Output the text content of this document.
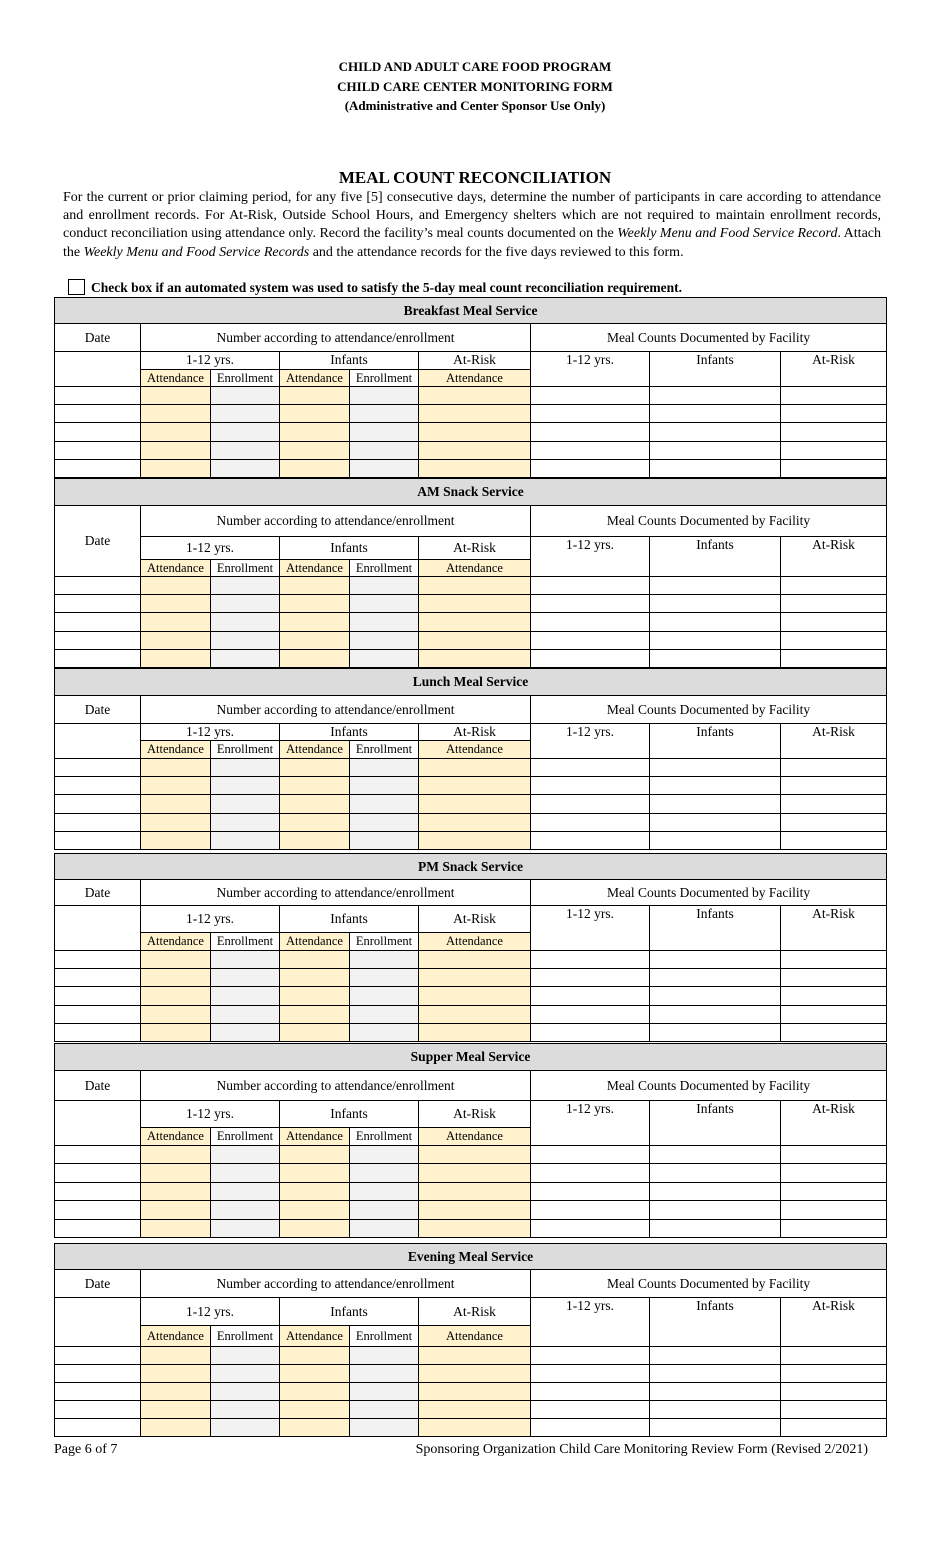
CHILD AND ADULT CARE FOOD PROGRAM
CHILD CARE CENTER MONITORING FORM
(Administrative and Center Sponsor Use Only)
MEAL COUNT RECONCILIATION
For the current or prior claiming period, for any five [5] consecutive days, determine the number of participants in care according to attendance and enrollment records. For At-Risk, Outside School Hours, and Emergency shelters which are not required to maintain enrollment records, conduct reconciliation using attendance only. Record the facility’s meal counts documented on the Weekly Menu and Food Service Record. Attach the Weekly Menu and Food Service Records and the attendance records for the five days reviewed to this form.
Check box if an automated system was used to satisfy the 5-day meal count reconciliation requirement.
Breakfast Meal Service								
Date	Number according to attendance/enrollment					Meal Counts Documented by Facility		
	1-12 yrs.		Infants		At-Risk	1-12 yrs.	Infants	At-Risk
	Attendance	Enrollment	Attendance	Enrollment	Attendance			

AM Snack Service								
Date	Number according to attendance/enrollment					Meal Counts Documented by Facility		
	1-12 yrs.		Infants		At-Risk	1-12 yrs.	Infants	At-Risk
	Attendance	Enrollment	Attendance	Enrollment	Attendance			

Lunch Meal Service								
Date	Number according to attendance/enrollment					Meal Counts Documented by Facility		
	1-12 yrs.		Infants		At-Risk	1-12 yrs.	Infants	At-Risk
	Attendance	Enrollment	Attendance	Enrollment	Attendance			

PM Snack Service								
Date	Number according to attendance/enrollment					Meal Counts Documented by Facility		
	1-12 yrs.		Infants		At-Risk	1-12 yrs.	Infants	At-Risk
	Attendance	Enrollment	Attendance	Enrollment	Attendance			

Supper Meal Service								
Date	Number according to attendance/enrollment					Meal Counts Documented by Facility		
	1-12 yrs.		Infants		At-Risk	1-12 yrs.	Infants	At-Risk
	Attendance	Enrollment	Attendance	Enrollment	Attendance			

Evening Meal Service								
Date	Number according to attendance/enrollment					Meal Counts Documented by Facility		
	1-12 yrs.		Infants		At-Risk	1-12 yrs.	Infants	At-Risk
	Attendance	Enrollment	Attendance	Enrollment	Attendance			

Page 6 of 7	Sponsoring Organization Child Care Monitoring Review Form (Revised 2/2021)
